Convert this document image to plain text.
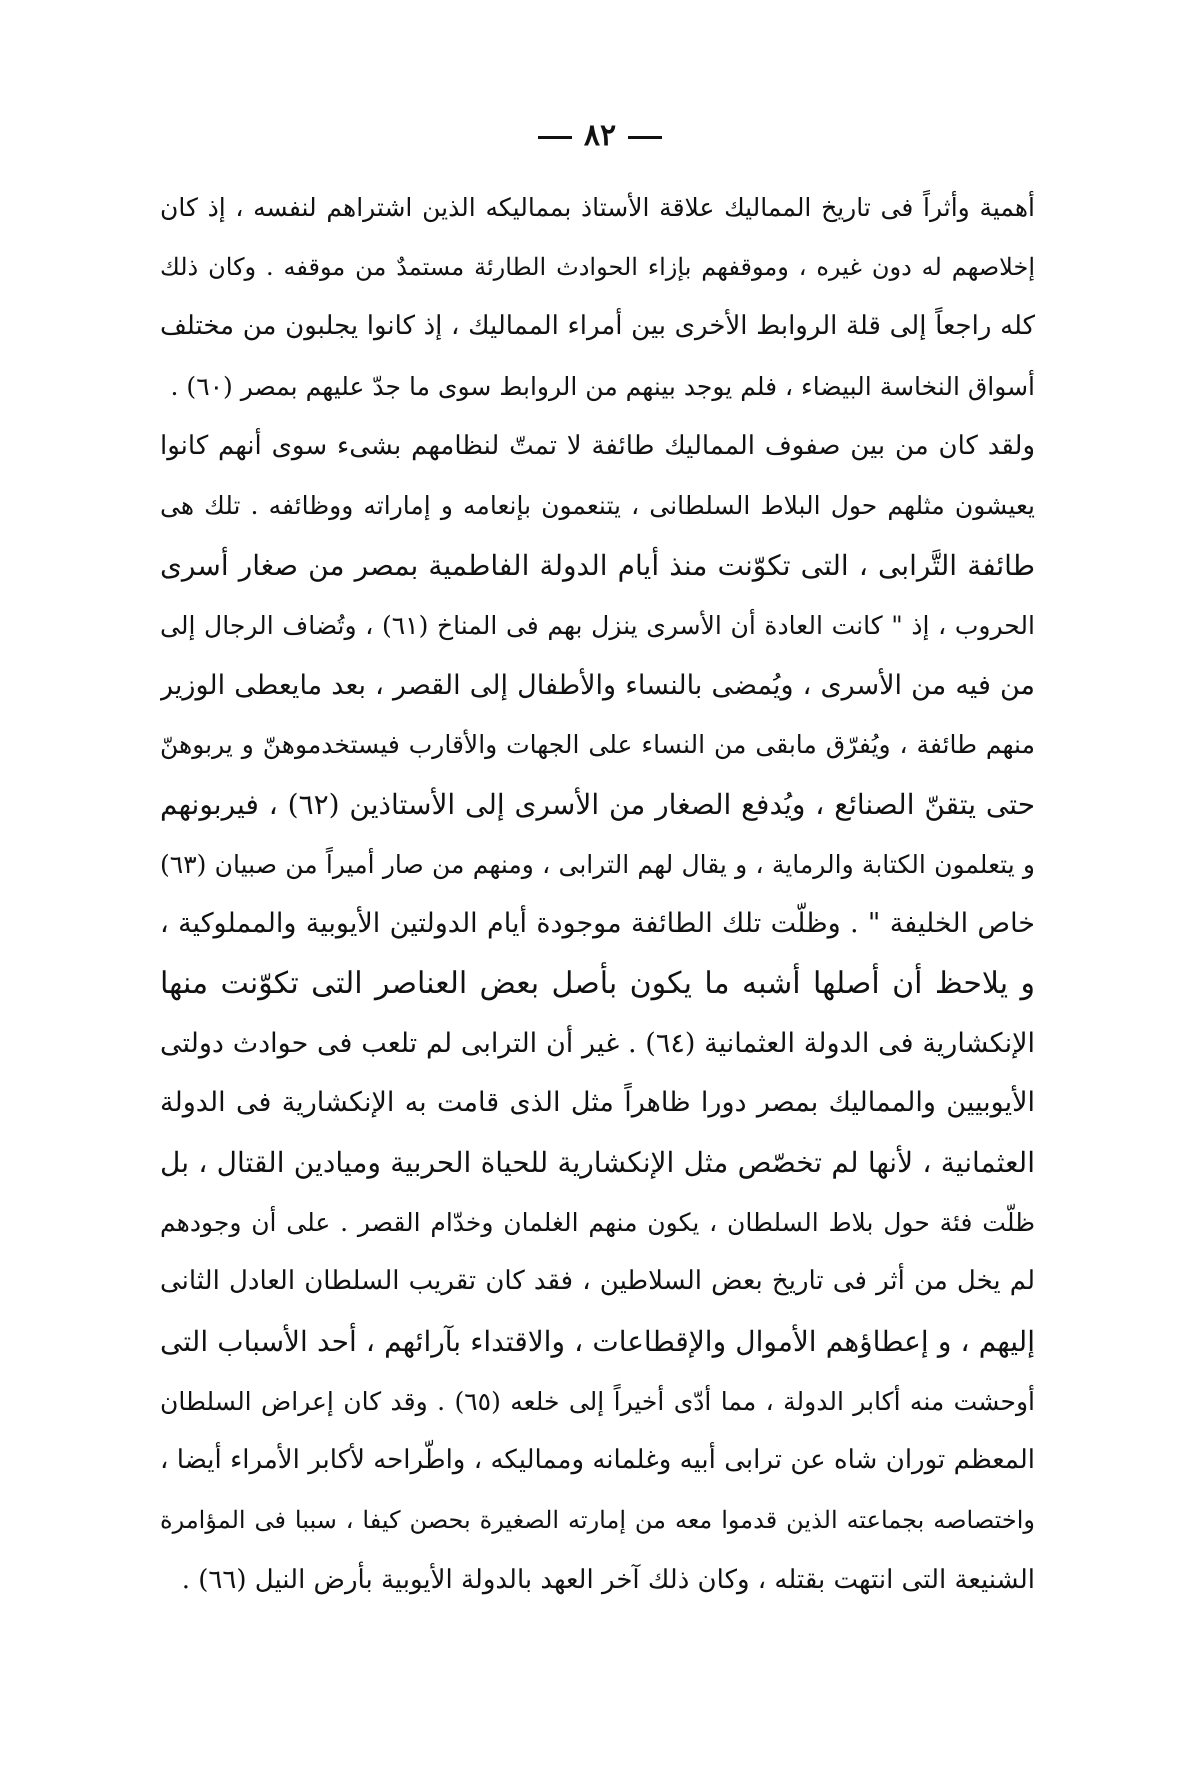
٨٢
أهمية وأثراً فى تاريخ المماليك علاقة الأستاذ بمماليكه الذين اشتراهم لنفسه ، إذ كان
إخلاصهم له دون غيره ، وموقفهم بإزاء الحوادث الطارئة مستمدٌ من موقفه . وكان ذلك
كله راجعاً إلى قلة الروابط الأخرى بين أمراء المماليك ، إذ كانوا يجلبون من مختلف
أسواق النخاسة البيضاء ، فلم يوجد بينهم من الروابط سوى ما جدّ عليهم بمصر (٦٠) .
ولقد كان من بين صفوف المماليك طائفة لا تمتّ لنظامهم بشىء سوى أنهم كانوا
يعيشون مثلهم حول البلاط السلطانى ، يتنعمون بإنعامه و إماراته ووظائفه . تلك هى
طائفة التَّرابى ، التى تكوّنت منذ أيام الدولة الفاطمية بمصر من صغار أسرى
الحروب ، إذ " كانت العادة أن الأسرى ينزل بهم فى المناخ (٦١) ، وتُضاف الرجال إلى
من فيه من الأسرى ، ويُمضى بالنساء والأطفال إلى القصر ، بعد مايعطى الوزير
منهم طائفة ، ويُفرّق مابقى من النساء على الجهات والأقارب فيستخدموهنّ و يربوهنّ
حتى يتقنّ الصنائع ، ويُدفع الصغار من الأسرى إلى الأستاذين (٦٢) ، فيربونهم
و يتعلمون الكتابة والرماية ، و يقال لهم الترابى ، ومنهم من صار أميراً من صبيان (٦٣)
خاص الخليفة " . وظلّت تلك الطائفة موجودة أيام الدولتين الأيوبية والمملوكية ،
و يلاحظ أن أصلها أشبه ما يكون بأصل بعض العناصر التى تكوّنت منها
الإنكشارية فى الدولة العثمانية (٦٤) . غير أن الترابى لم تلعب فى حوادث دولتى
الأيوبيين والمماليك بمصر دورا ظاهراً مثل الذى قامت به الإنكشارية فى الدولة
العثمانية ، لأنها لم تخصّص مثل الإنكشارية للحياة الحربية وميادين القتال ، بل
ظلّت فئة حول بلاط السلطان ، يكون منهم الغلمان وخدّام القصر . على أن وجودهم
لم يخل من أثر فى تاريخ بعض السلاطين ، فقد كان تقريب السلطان العادل الثانى
إليهم ، و إعطاؤهم الأموال والإقطاعات ، والاقتداء بآرائهم ، أحد الأسباب التى
أوحشت منه أكابر الدولة ، مما أدّى أخيراً إلى خلعه (٦٥) . وقد كان إعراض السلطان
المعظم توران شاه عن ترابى أبيه وغلمانه ومماليكه ، واطّراحه لأكابر الأمراء أيضا ،
واختصاصه بجماعته الذين قدموا معه من إمارته الصغيرة بحصن كيفا ، سببا فى المؤامرة
الشنيعة التى انتهت بقتله ، وكان ذلك آخر العهد بالدولة الأيوبية بأرض النيل (٦٦) .
